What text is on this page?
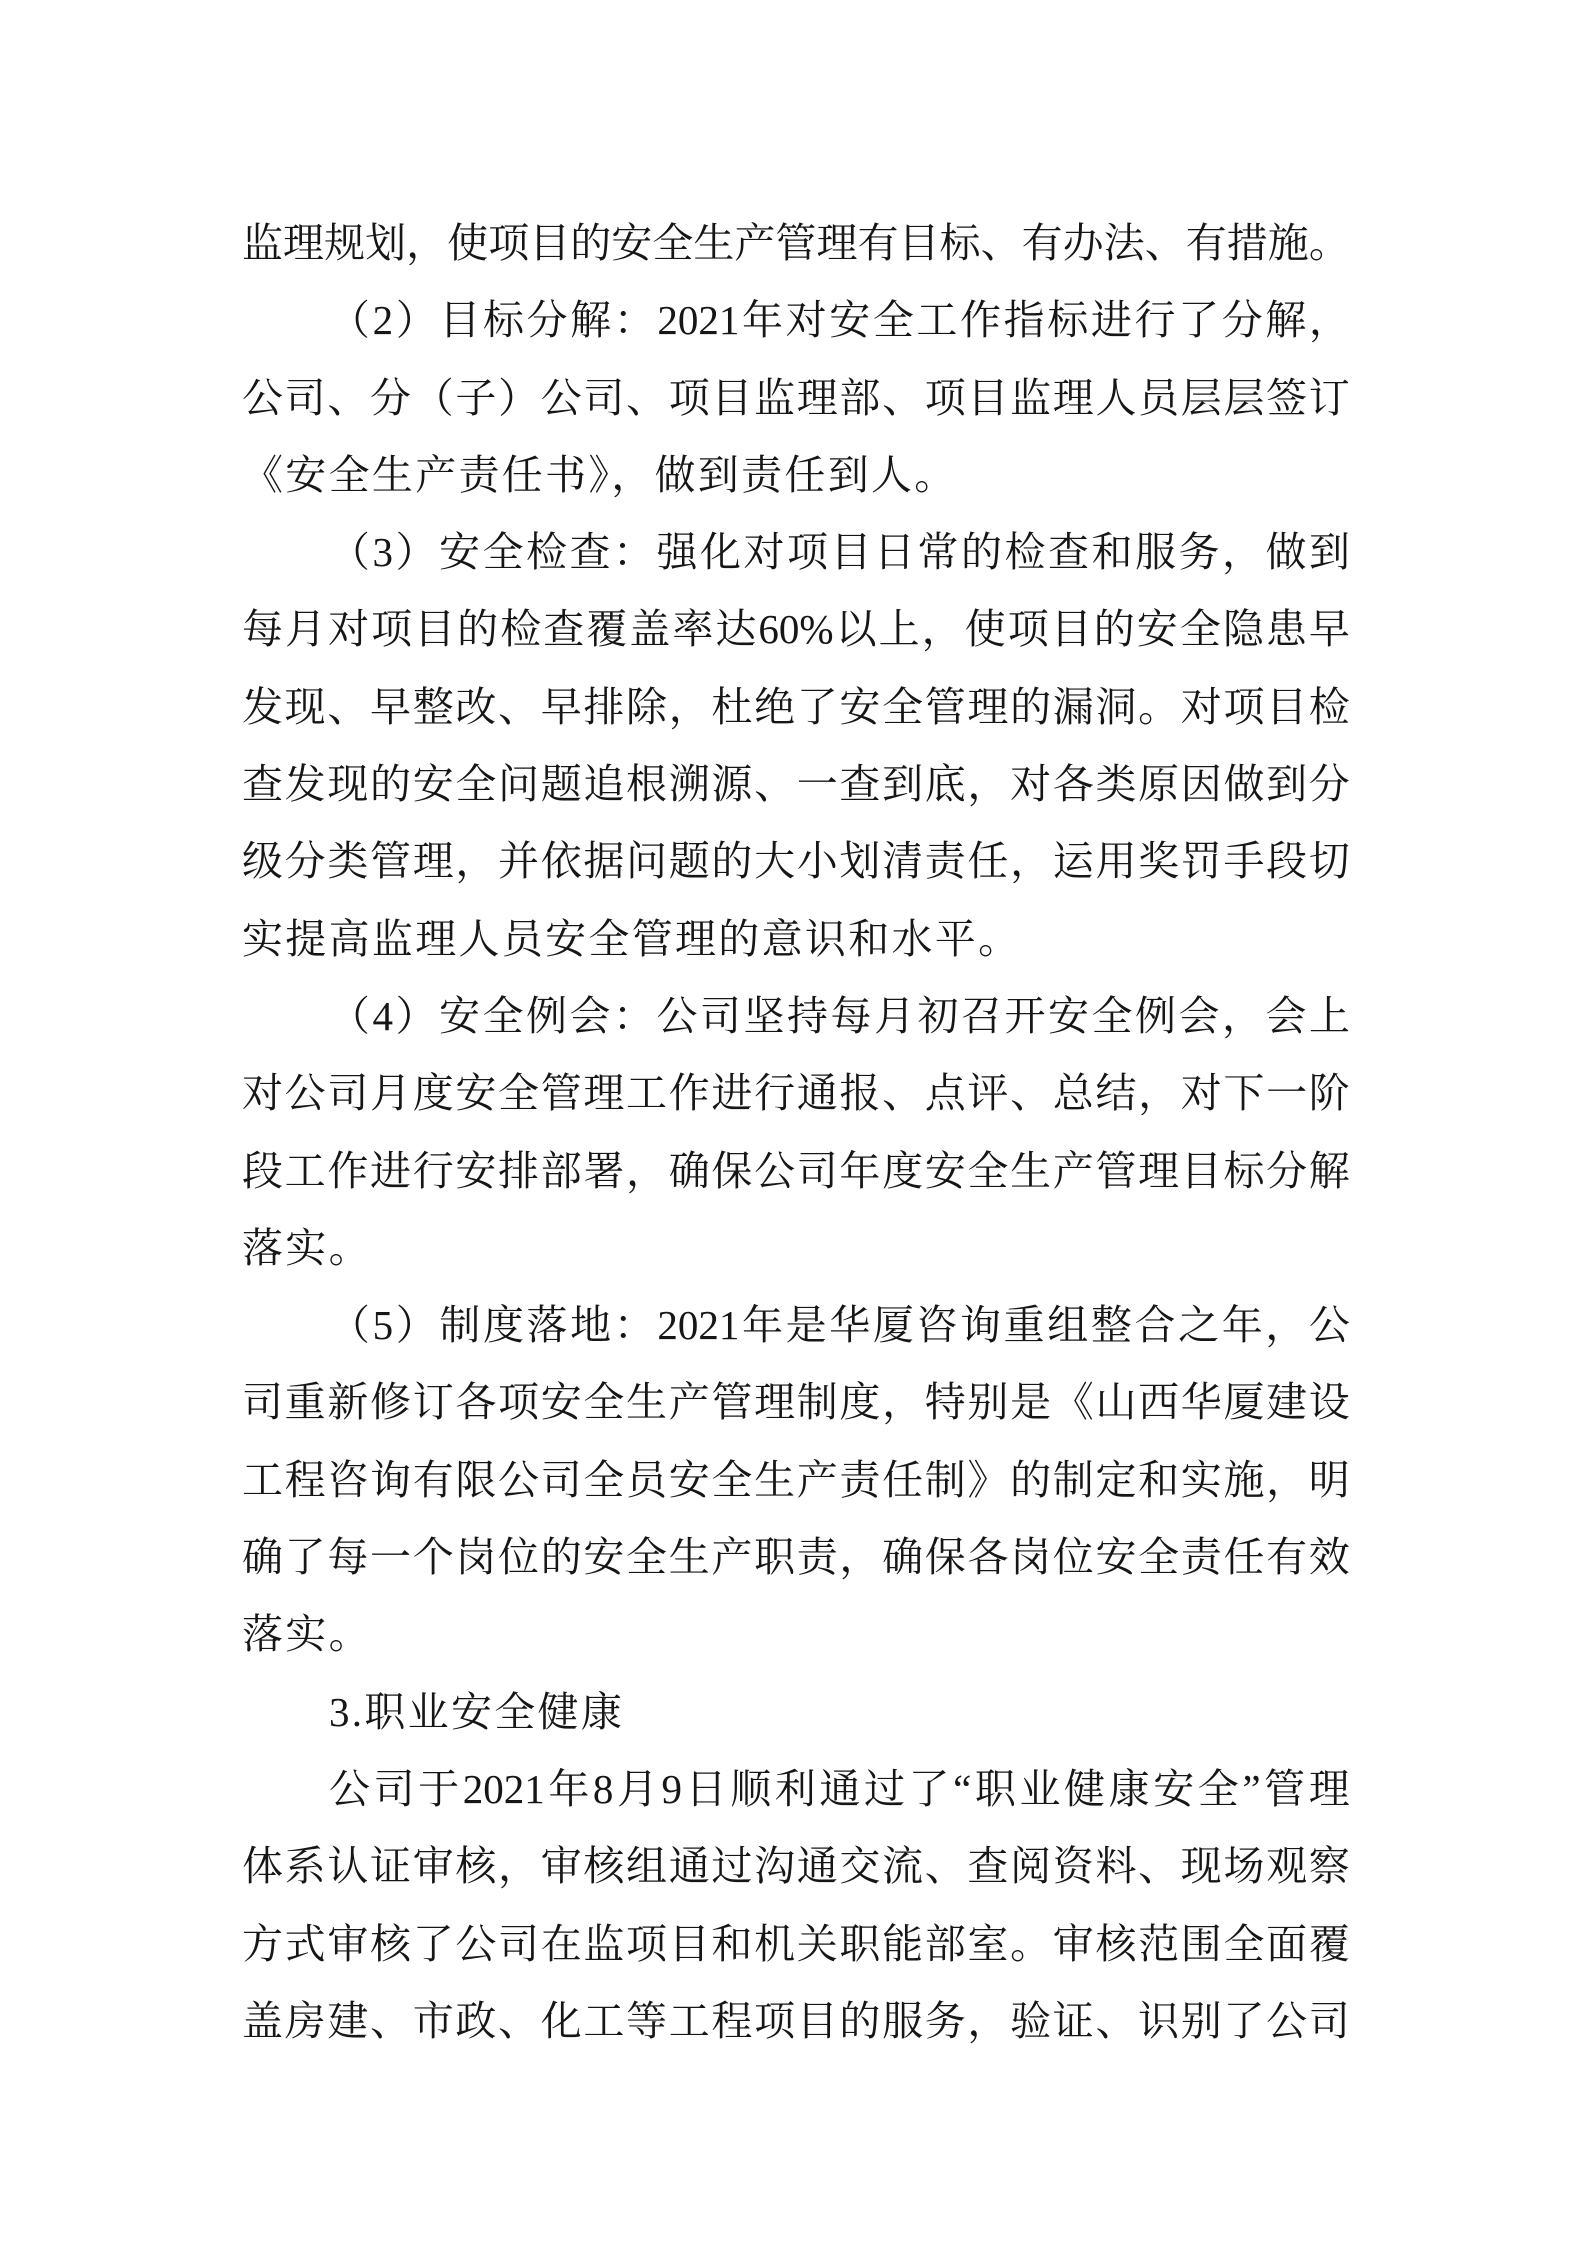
监 理 规 划 ， 使 项 目 的 安 全 生 产 管 理 有 目 标 、 有 办 法 、 有 措 施 。
（ 2 ） 目 标 分 解 ： 2021 年 对 安 全 工 作 指 标 进 行 了 分 解 ，
公 司 、 分 （ 子 ） 公 司 、 项 目 监 理 部 、 项 目 监 理 人 员 层 层 签 订
《安全生产责任书》，做到责任到人。
（ 3 ） 安 全 检 查 ： 强 化 对 项 目 日 常 的 检 查 和 服 务 ， 做 到
每 月 对 项 目 的 检 查 覆 盖 率 达 60% 以 上 ， 使 项 目 的 安 全 隐 患 早
发 现 、 早 整 改 、 早 排 除 ， 杜 绝 了 安 全 管 理 的 漏 洞 。 对 项 目 检
查 发 现 的 安 全 问 题 追 根 溯 源 、 一 查 到 底 ， 对 各 类 原 因 做 到 分
级 分 类 管 理 ， 并 依 据 问 题 的 大 小 划 清 责 任 ， 运 用 奖 罚 手 段 切
实提高监理人员安全管理的意识和水平。
（ 4 ） 安 全 例 会 ： 公 司 坚 持 每 月 初 召 开 安 全 例 会 ， 会 上
对 公 司 月 度 安 全 管 理 工 作 进 行 通 报 、 点 评 、 总 结 ， 对 下 一 阶
段 工 作 进 行 安 排 部 署 ， 确 保 公 司 年 度 安 全 生 产 管 理 目 标 分 解
落实。
（ 5 ） 制 度 落 地 ： 2021 年 是 华 厦 咨 询 重 组 整 合 之 年 ， 公
司 重 新 修 订 各 项 安 全 生 产 管 理 制 度 ， 特 别 是 《 山 西 华 厦 建 设
工 程 咨 询 有 限 公 司 全 员 安 全 生 产 责 任 制 》 的 制 定 和 实 施 ， 明
确 了 每 一 个 岗 位 的 安 全 生 产 职 责 ， 确 保 各 岗 位 安 全 责 任 有 效
落实。
3.职业安全健康
公 司 于 2021 年 8 月 9 日 顺 利 通 过 了 “ 职 业 健 康 安 全 ” 管 理
体 系 认 证 审 核 ， 审 核 组 通 过 沟 通 交 流 、 查 阅 资 料 、 现 场 观 察
方 式 审 核 了 公 司 在 监 项 目 和 机 关 职 能 部 室 。 审 核 范 围 全 面 覆
盖 房 建 、 市 政 、 化 工 等 工 程 项 目 的 服 务 ， 验 证 、 识 别 了 公 司
